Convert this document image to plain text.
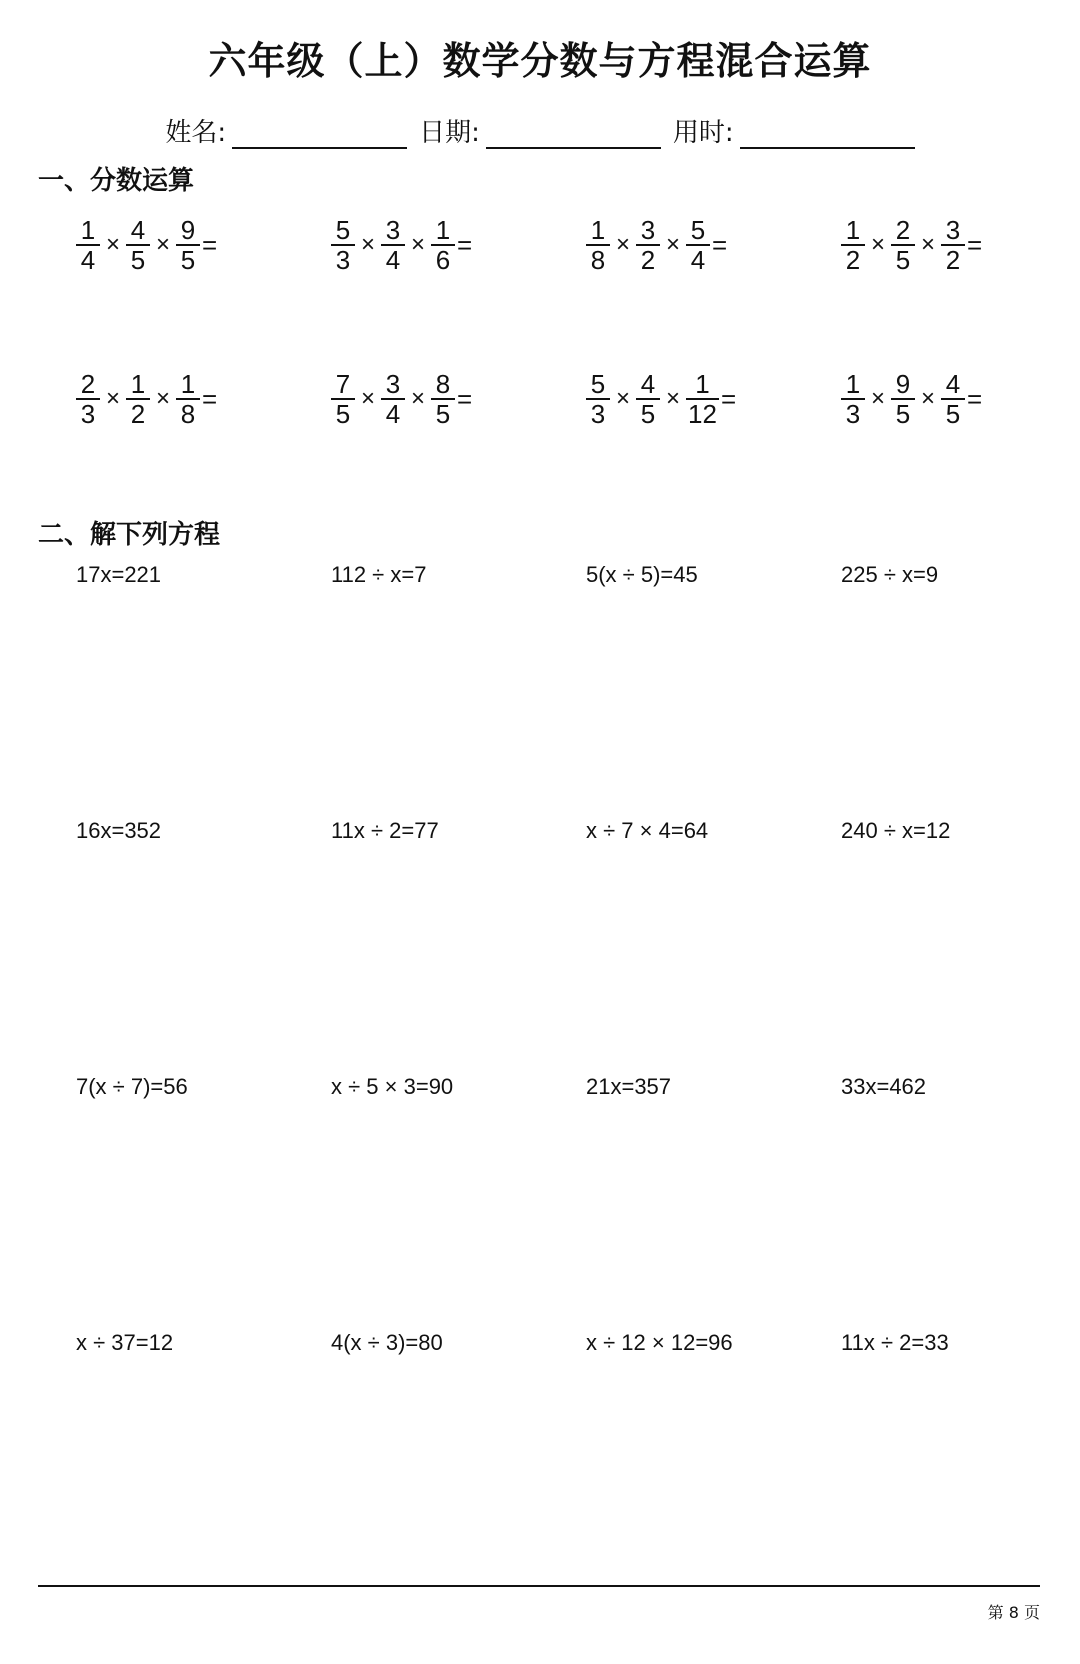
六年级（上）数学分数与方程混合运算
姓名:	日期:	用时:
一、分数运算
$\frac{1}{4} \times \frac{4}{5} \times \frac{9}{5}$ =	$\frac{5}{3} \times \frac{3}{4} \times \frac{1}{6}$ =	$\frac{1}{8} \times \frac{3}{2} \times \frac{5}{4}$ =	$\frac{1}{2} \times \frac{2}{5} \times \frac{3}{2}$ =
$\frac{2}{3} \times \frac{1}{2} \times \frac{1}{8}$ =	$\frac{7}{5} \times \frac{3}{4} \times \frac{8}{5}$ =	$\frac{5}{3} \times \frac{4}{5} \times \frac{1}{12}$ =	$\frac{1}{3} \times \frac{9}{5} \times \frac{4}{5}$ =
二、解下列方程
17x=221	112 ÷ x=7	5(x ÷ 5)=45	225 ÷ x=9
16x=352	11x ÷ 2=77	x ÷ 7 × 4=64	240 ÷ x=12
7(x ÷ 7)=56	x ÷ 5 × 3=90	21x=357	33x=462
x ÷ 37=12	4(x ÷ 3)=80	x ÷ 12 × 12=96	11x ÷ 2=33
第 8 页
